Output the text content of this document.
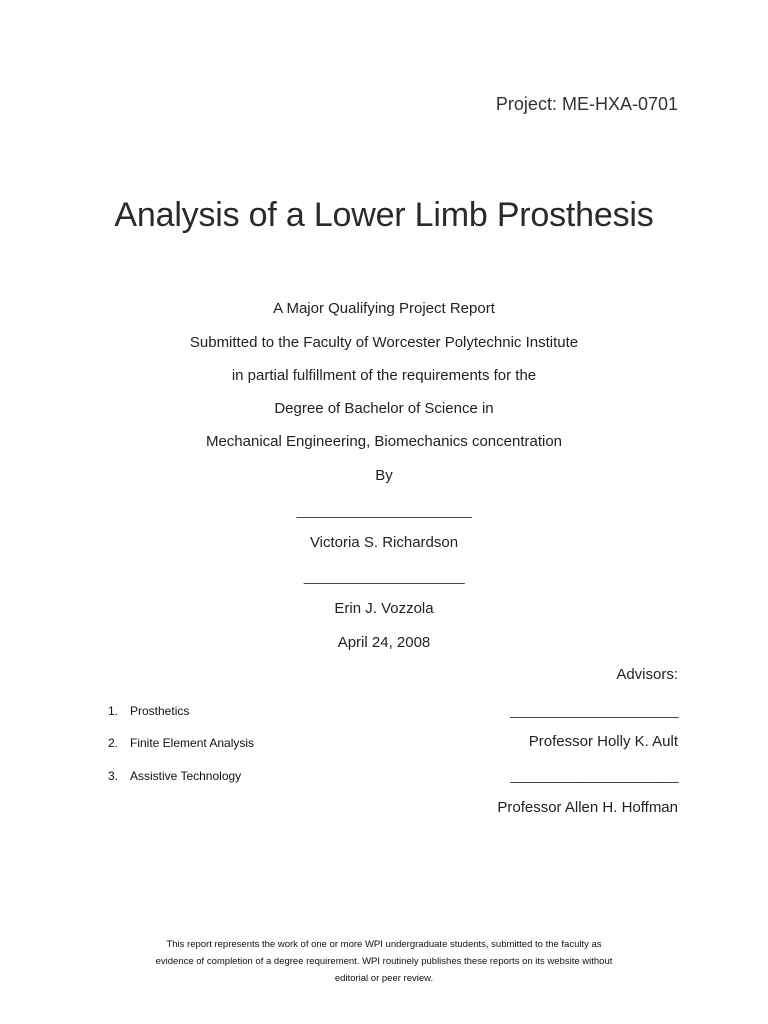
Project: ME-HXA-0701
Analysis of a Lower Limb Prosthesis
A Major Qualifying Project Report
Submitted to the Faculty of Worcester Polytechnic Institute
in partial fulfillment of the requirements for the
Degree of Bachelor of Science in
Mechanical Engineering, Biomechanics concentration
By
________________________
Victoria S. Richardson
______________________
Erin J. Vozzola
April 24, 2008
Advisors:
_______________________
Professor Holly K. Ault
_______________________
Professor Allen H. Hoffman
1. Prosthetics
2. Finite Element Analysis
3. Assistive Technology
This report represents the work of one or more WPI undergraduate students, submitted to the faculty as
evidence of completion of a degree requirement. WPI routinely publishes these reports on its website without
editorial or peer review.
